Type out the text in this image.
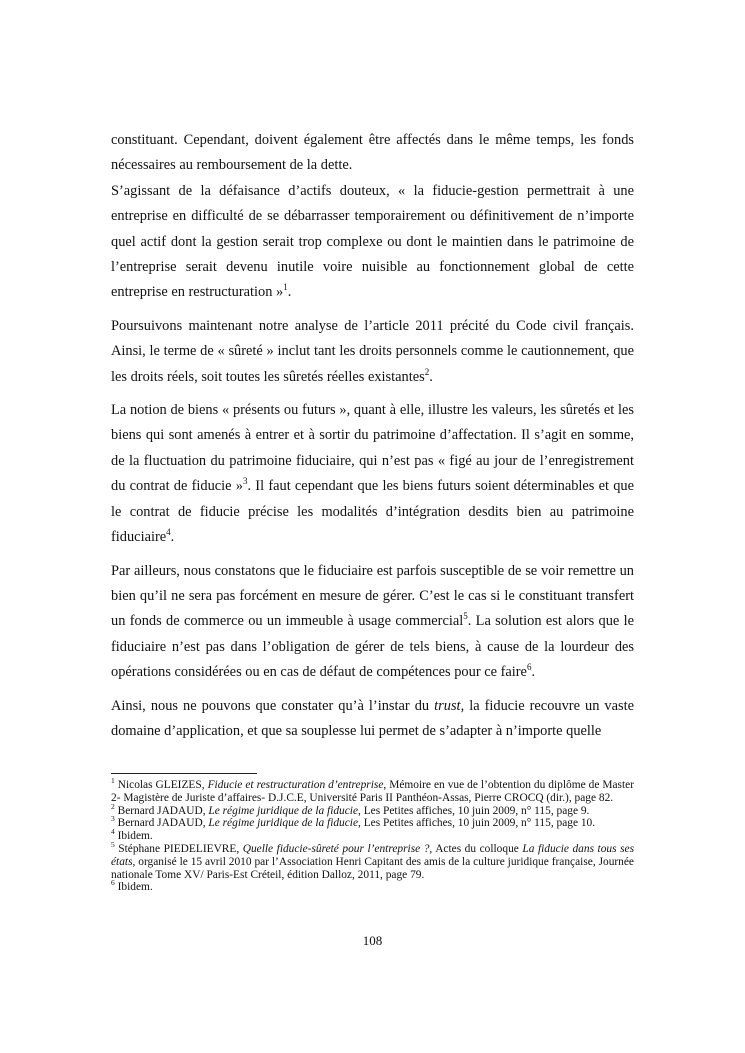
constituant. Cependant, doivent également être affectés dans le même temps, les fonds nécessaires au remboursement de la dette.

S’agissant de la défaisance d’actifs douteux, « la fiducie-gestion permettrait à une entreprise en difficulté de se débarrasser temporairement ou définitivement de n’importe quel actif dont la gestion serait trop complexe ou dont le maintien dans le patrimoine de l’entreprise serait devenu inutile voire nuisible au fonctionnement global de cette entreprise en restructuration »$^1$.

Poursuivons maintenant notre analyse de l’article 2011 précité du Code civil français. Ainsi, le terme de « sûreté » inclut tant les droits personnels comme le cautionnement, que les droits réels, soit toutes les sûretés réelles existantes$^2$.

La notion de biens « présents ou futurs », quant à elle, illustre les valeurs, les sûretés et les biens qui sont amenés à entrer et à sortir du patrimoine d’affectation. Il s’agit en somme, de la fluctuation du patrimoine fiduciaire, qui n’est pas « figé au jour de l’enregistrement du contrat de fiducie »$^3$. Il faut cependant que les biens futurs soient déterminables et que le contrat de fiducie précise les modalités d’intégration desdits bien au patrimoine fiduciaire$^4$.

Par ailleurs, nous constatons que le fiduciaire est parfois susceptible de se voir remettre un bien qu’il ne sera pas forcément en mesure de gérer. C’est le cas si le constituant transfert un fonds de commerce ou un immeuble à usage commercial$^5$. La solution est alors que le fiduciaire n’est pas dans l’obligation de gérer de tels biens, à cause de la lourdeur des opérations considérées ou en cas de défaut de compétences pour ce faire$^6$.

Ainsi, nous ne pouvons que constater qu’à l’instar du trust, la fiducie recouvre un vaste domaine d’application, et que sa souplesse lui permet de s’adapter à n’importe quelle

$^1$ Nicolas GLEIZES, Fiducie et restructuration d’entreprise, Mémoire en vue de l’obtention du diplôme de Master 2- Magistère de Juriste d’affaires- D.J.C.E, Université Paris II Panthéon-Assas, Pierre CROCQ (dir.), page 82.

$^2$ Bernard JADAUD, Le régime juridique de la fiducie, Les Petites affiches, 10 juin 2009, n° 115, page 9.

$^3$ Bernard JADAUD, Le régime juridique de la fiducie, Les Petites affiches, 10 juin 2009, n° 115, page 10.

$^4$ Ibidem.

$^5$ Stéphane PIEDELIEVRE, Quelle fiducie-sûreté pour l’entreprise ?, Actes du colloque La fiducie dans tous ses états, organisé le 15 avril 2010 par l’Association Henri Capitant des amis de la culture juridique française, Journée nationale Tome XV/ Paris-Est Créteil, édition Dalloz, 2011, page 79.

$^6$ Ibidem.

108
